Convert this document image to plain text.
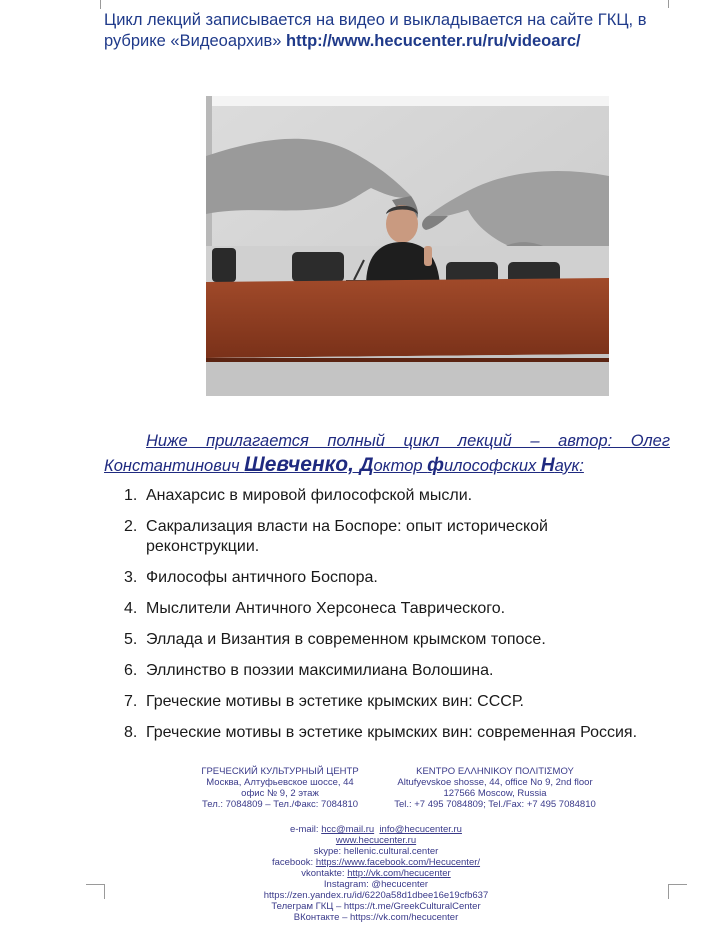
Цикл лекций записывается на видео и выкладывается на сайте ГКЦ, в рубрике «Видеоархив» http://www.hecucenter.ru/ru/videoarc/
Ниже прилагается полный цикл лекций – автор: Олег Константинович Шевченко, Доктор философских Наук:
1. Анахарсис в мировой философской мысли.
2. Сакрализация власти на Боспоре: опыт исторической реконструкции.
3. Философы античного Боспора.
4. Мыслители Античного Херсонеса Таврического.
5. Эллада и Византия в современном крымском топосе.
6. Эллинство в поэзии максимилиана Волошина.
7. Греческие мотивы в эстетике крымских вин: СССР.
8. Греческие мотивы в эстетике крымских вин: современная Россия.
ГРЕЧЕСКИЙ КУЛЬТУРНЫЙ ЦЕНТР
Москва, Алтуфьевское шоссе, 44
офис № 9, 2 этаж
Тел.: 7084809 – Тел./Факс: 7084810
ΚΕΝΤΡΟ ΕΛΛΗΝΙΚΟΥ ΠΟΛΙΤΙΣΜΟΥ
Altufyevskoe shosse, 44, office No 9, 2nd floor
127566 Moscow, Russia
Tel.: +7 495 7084809; Tel./Fax: +7 495 7084810
e-mail: hcc@mail.ru info@hecucenter.ru
www.hecucenter.ru
skype: hellenic.cultural.center
facebook: https://www.facebook.com/Hecucenter/
vkontakte: http://vk.com/hecucenter
Instagram: @hecucenter
https://zen.yandex.ru/id/6220a58d1dbee16e19cfb637
Телеграм ГКЦ – https://t.me/GreekCulturalCenter
ВКонтакте – https://vk.com/hecucenter
